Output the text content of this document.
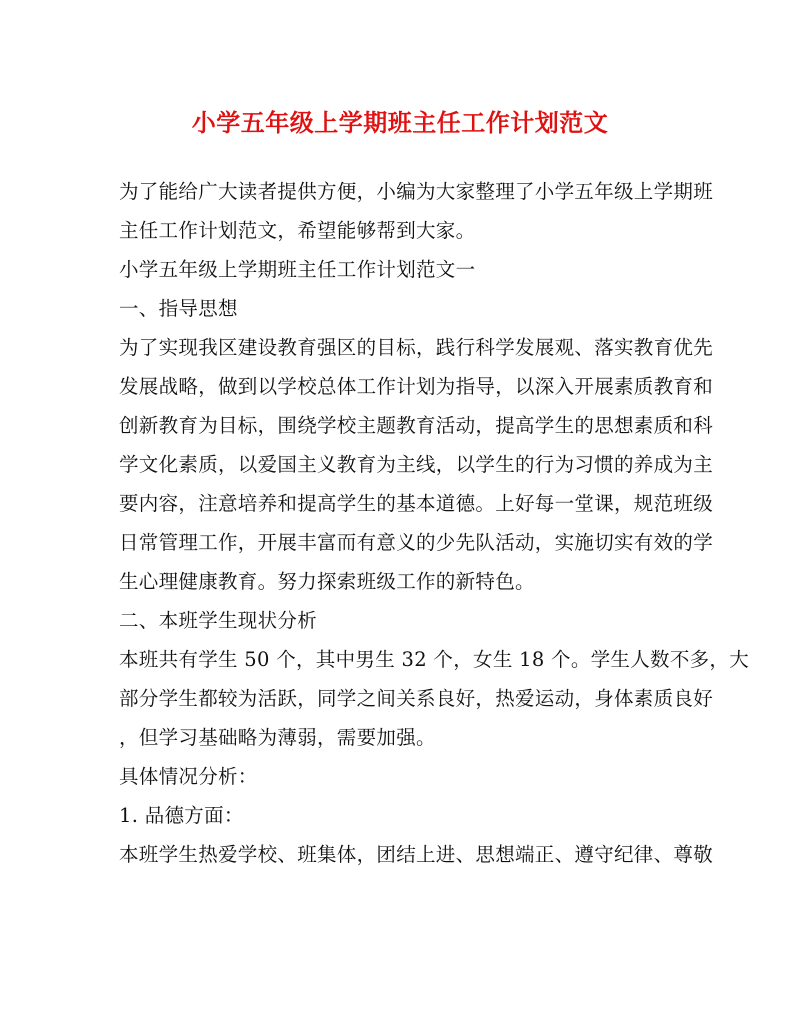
小学五年级上学期班主任工作计划范文
为了能给广大读者提供方便，小编为大家整理了小学五年级上学期班
主任工作计划范文，希望能够帮到大家。
小学五年级上学期班主任工作计划范文一
一、指导思想
为了实现我区建设教育强区的目标，践行科学发展观、落实教育优先
发展战略，做到以学校总体工作计划为指导，以深入开展素质教育和
创新教育为目标，围绕学校主题教育活动，提高学生的思想素质和科
学文化素质，以爱国主义教育为主线，以学生的行为习惯的养成为主
要内容，注意培养和提高学生的基本道德。上好每一堂课，规范班级
日常管理工作，开展丰富而有意义的少先队活动，实施切实有效的学
生心理健康教育。努力探索班级工作的新特色。
二、本班学生现状分析
本班共有学生 50 个，其中男生 32 个，女生 18 个。学生人数不多，大
部分学生都较为活跃，同学之间关系良好，热爱运动，身体素质良好
，但学习基础略为薄弱，需要加强。
具体情况分析：
1. 品德方面：
本班学生热爱学校、班集体，团结上进、思想端正、遵守纪律、尊敬
